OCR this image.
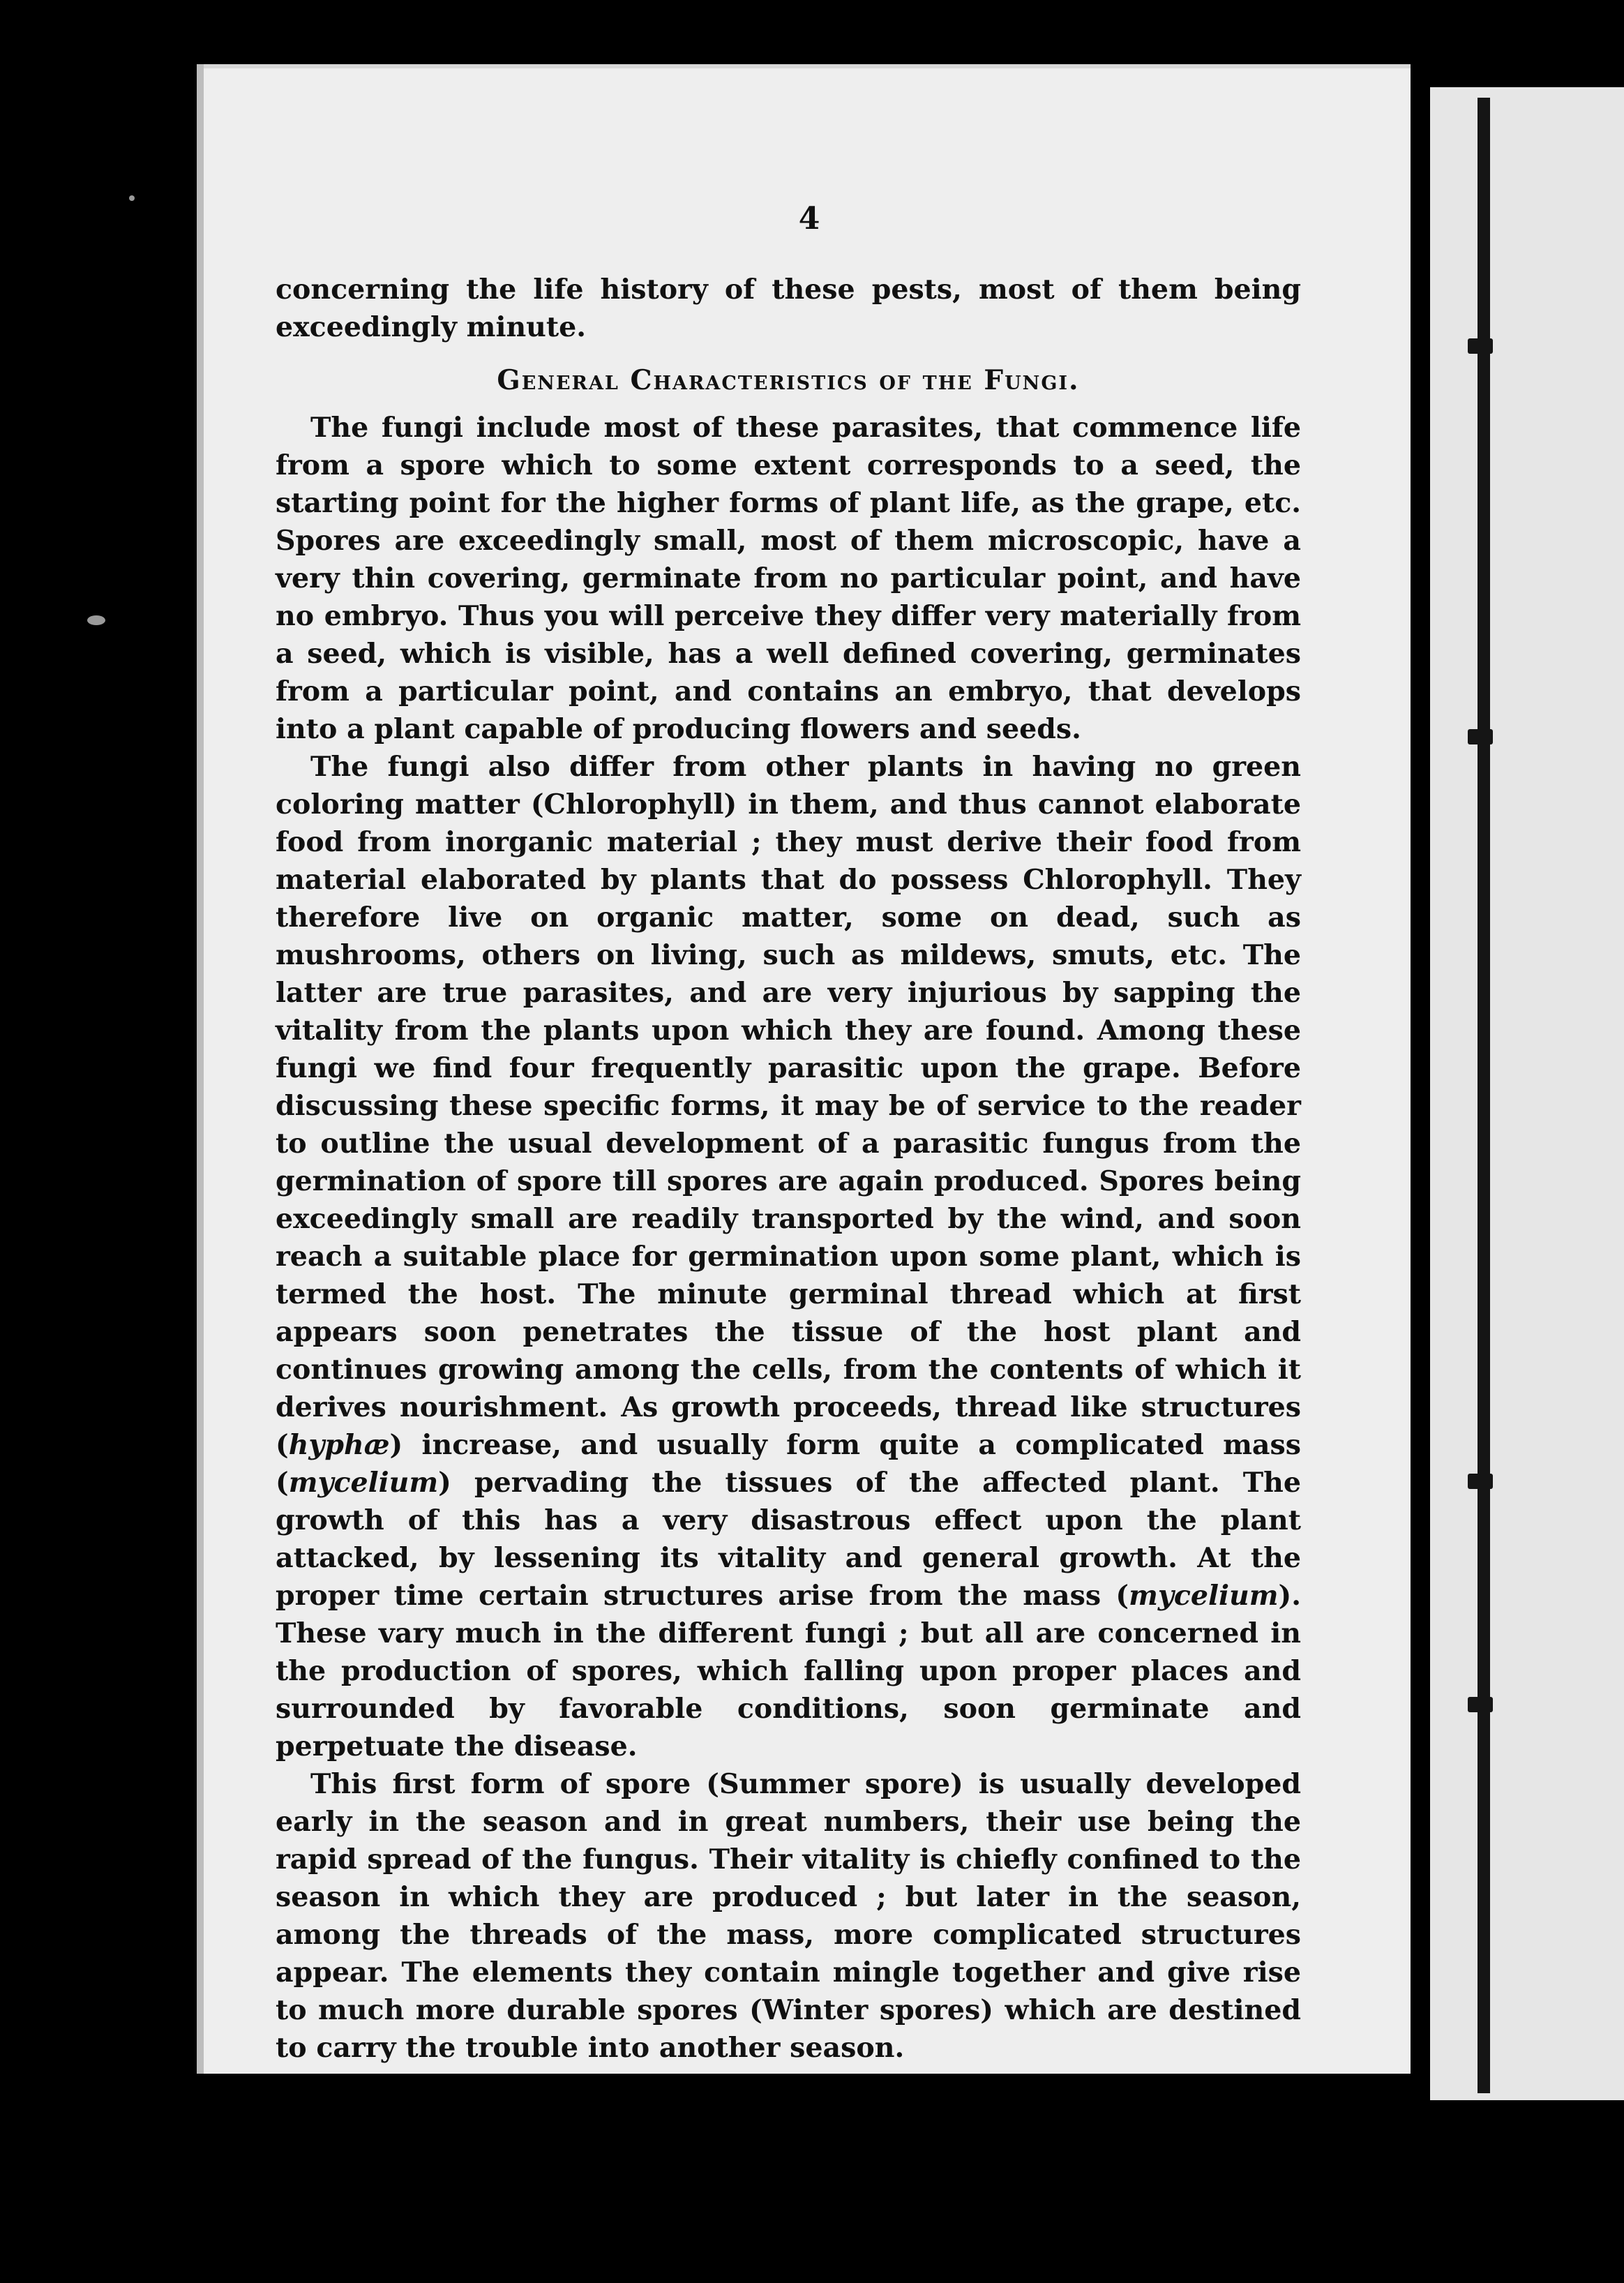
4

concerning the life history of these pests, most of them being exceedingly minute.

General Characteristics of the Fungi.

The fungi include most of these parasites, that commence life from a spore which to some extent corresponds to a seed, the starting point for the higher forms of plant life, as the grape, etc. Spores are exceedingly small, most of them microscopic, have a very thin covering, germinate from no particular point, and have no embryo. Thus you will perceive they differ very materially from a seed, which is visible, has a well defined covering, germinates from a particular point, and contains an embryo, that develops into a plant capable of producing flowers and seeds.

The fungi also differ from other plants in having no green coloring matter (Chlorophyll) in them, and thus cannot elaborate food from inorganic material ; they must derive their food from material elaborated by plants that do possess Chlorophyll. They therefore live on organic matter, some on dead, such as mushrooms, others on living, such as mildews, smuts, etc. The latter are true parasites, and are very injurious by sapping the vitality from the plants upon which they are found. Among these fungi we find four frequently parasitic upon the grape. Before discussing these specific forms, it may be of service to the reader to outline the usual development of a parasitic fungus from the germination of spore till spores are again produced. Spores being exceedingly small are readily transported by the wind, and soon reach a suitable place for germination upon some plant, which is termed the host. The minute germinal thread which at first appears soon penetrates the tissue of the host plant and continues growing among the cells, from the contents of which it derives nourishment. As growth proceeds, thread like structures (hyphæ) increase, and usually form quite a complicated mass (mycelium) pervading the tissues of the affected plant. The growth of this has a very disastrous effect upon the plant attacked, by lessening its vitality and general growth. At the proper time certain structures arise from the mass (mycelium). These vary much in the different fungi ; but all are concerned in the production of spores, which falling upon proper places and surrounded by favorable conditions, soon germinate and perpetuate the disease.

This first form of spore (Summer spore) is usually developed early in the season and in great numbers, their use being the rapid spread of the fungus. Their vitality is chiefly confined to the season in which they are produced ; but later in the season, among the threads of the mass, more complicated structures appear. The elements they contain mingle together and give rise to much more durable spores (Winter spores) which are destined to carry the trouble into another season.
